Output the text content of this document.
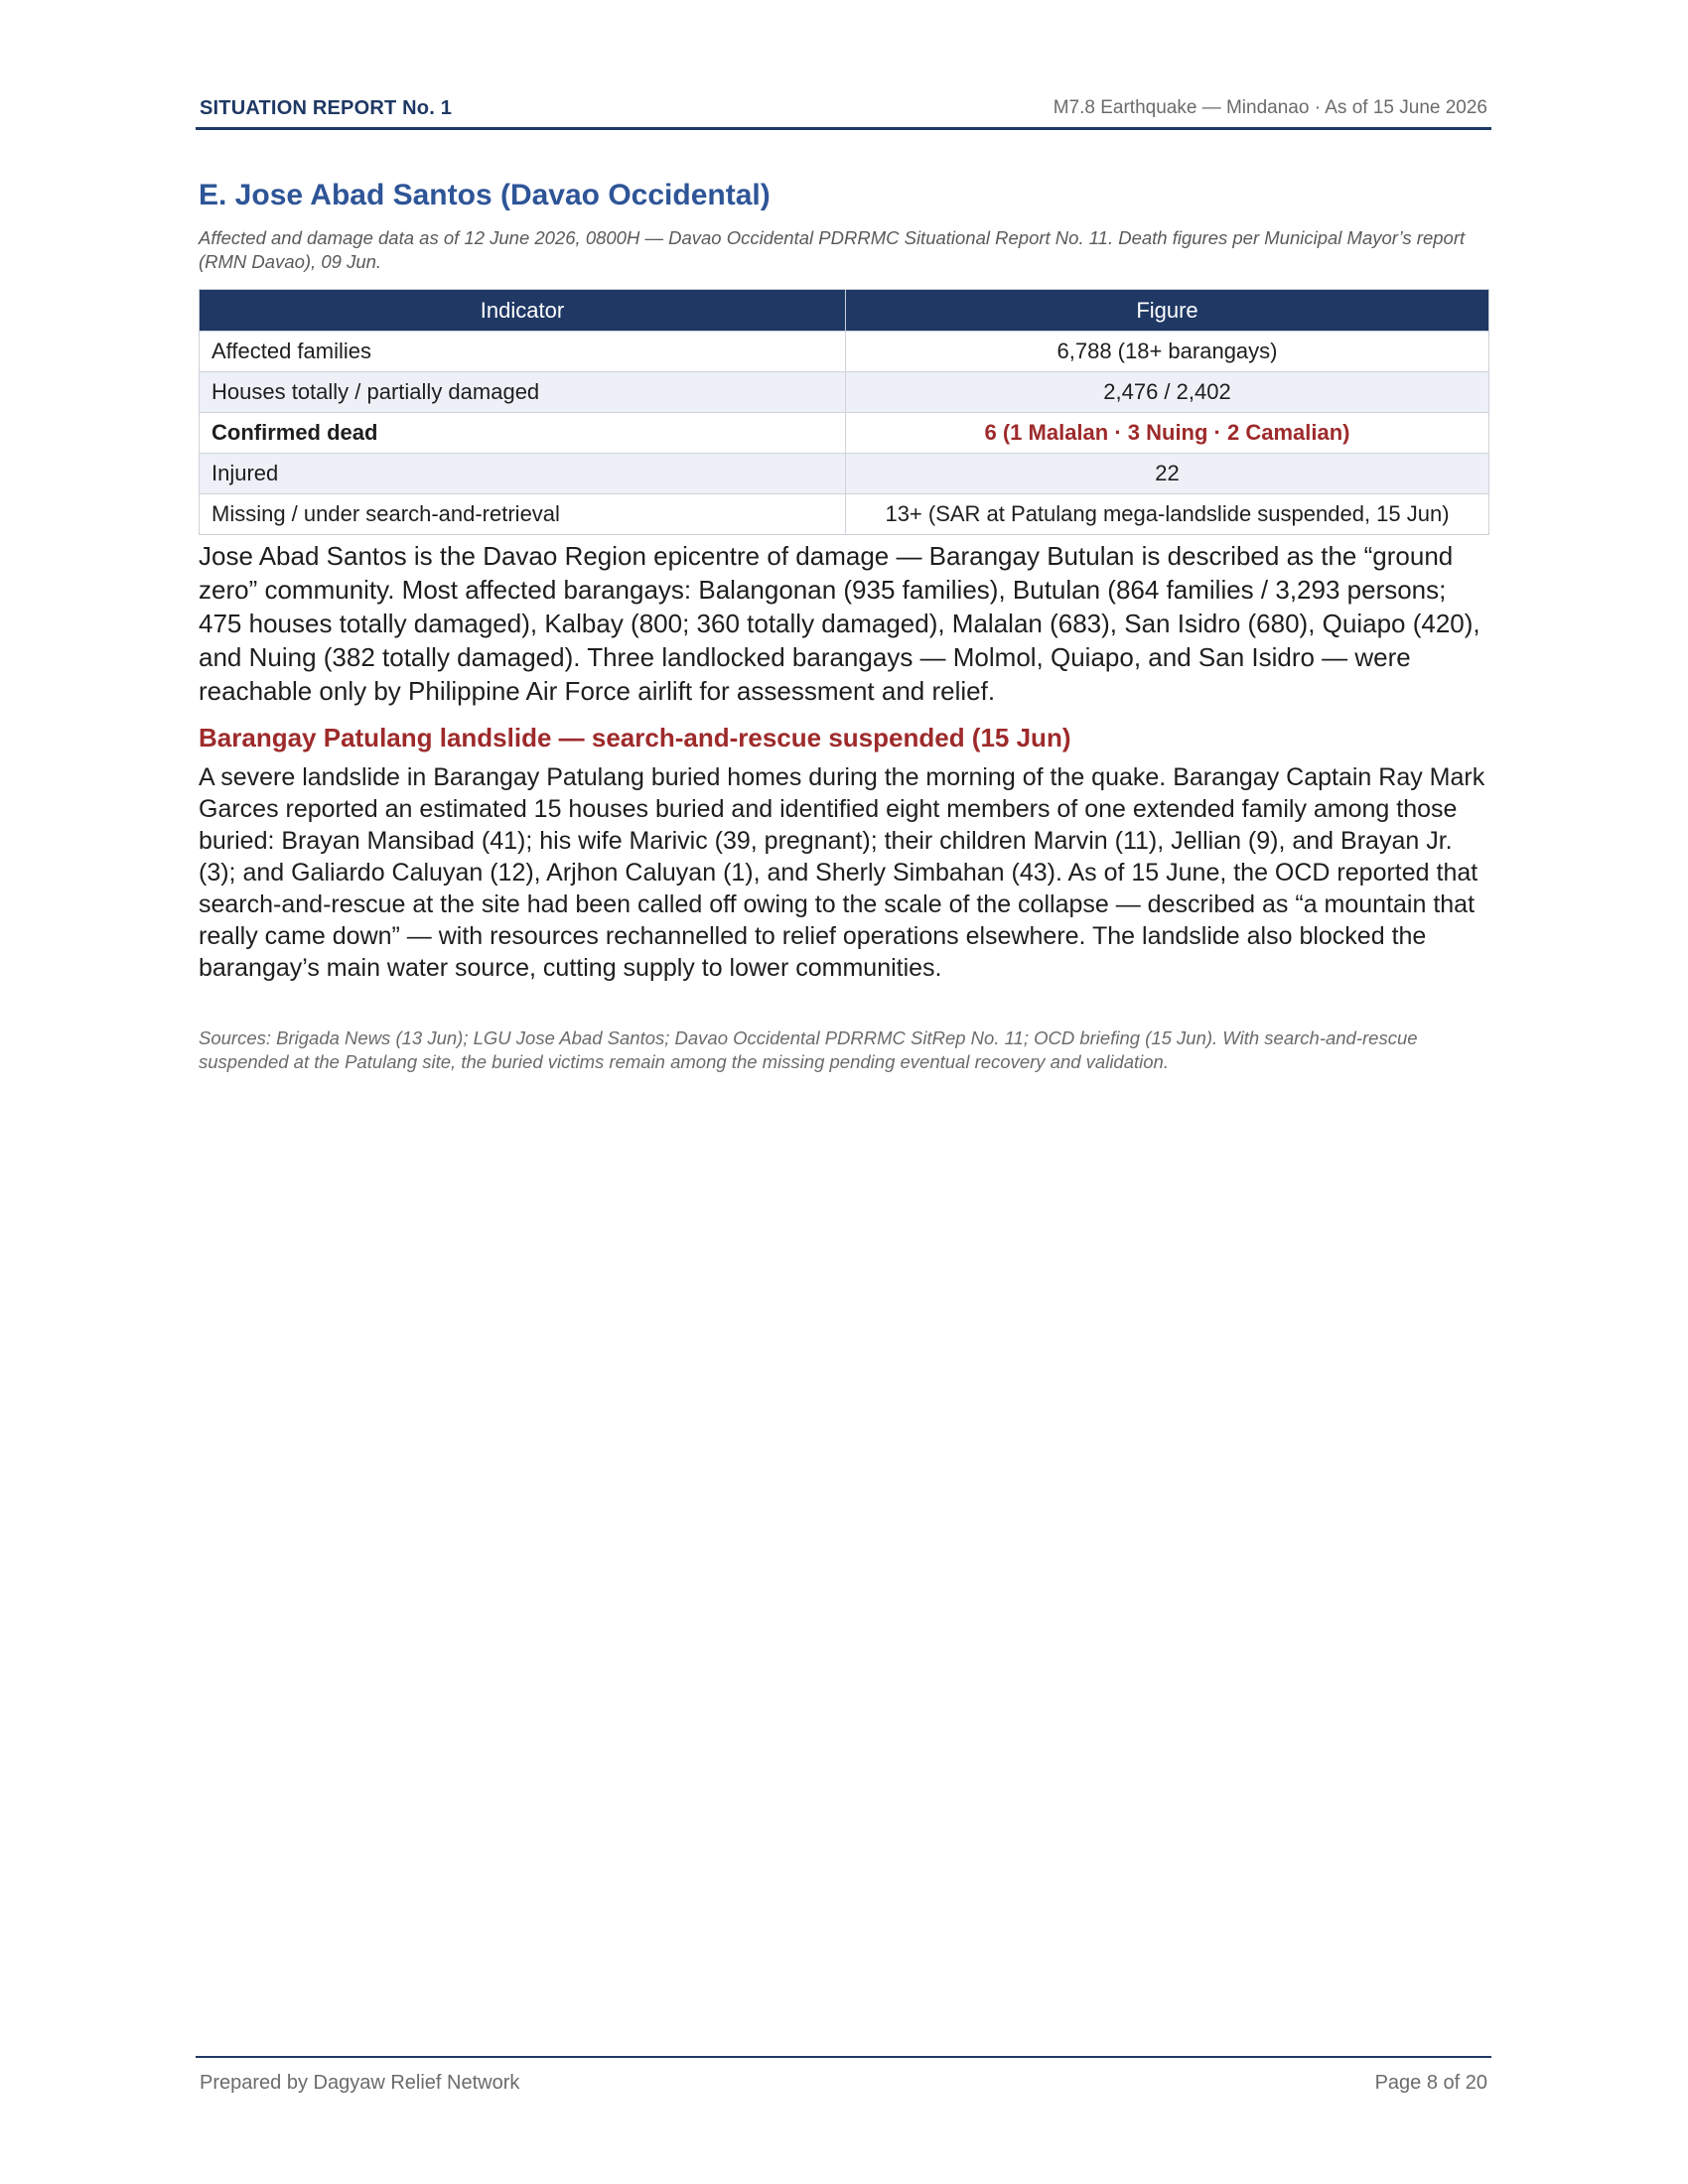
SITUATION REPORT No. 1	M7.8 Earthquake — Mindanao · As of 15 June 2026
E. Jose Abad Santos (Davao Occidental)
Affected and damage data as of 12 June 2026, 0800H — Davao Occidental PDRRMC Situational Report No. 11. Death figures per Municipal Mayor’s report (RMN Davao), 09 Jun.
Indicator	Figure
Affected families	6,788 (18+ barangays)
Houses totally / partially damaged	2,476 / 2,402
Confirmed dead	6 (1 Malalan · 3 Nuing · 2 Camalian)
Injured	22
Missing / under search-and-retrieval	13+ (SAR at Patulang mega-landslide suspended, 15 Jun)

Jose Abad Santos is the Davao Region epicentre of damage — Barangay Butulan is described as the “ground zero” community. Most affected barangays: Balangonan (935 families), Butulan (864 families / 3,293 persons; 475 houses totally damaged), Kalbay (800; 360 totally damaged), Malalan (683), San Isidro (680), Quiapo (420), and Nuing (382 totally damaged). Three landlocked barangays — Molmol, Quiapo, and San Isidro — were reachable only by Philippine Air Force airlift for assessment and relief.

Barangay Patulang landslide — search-and-rescue suspended (15 Jun)

A severe landslide in Barangay Patulang buried homes during the morning of the quake. Barangay Captain Ray Mark Garces reported an estimated 15 houses buried and identified eight members of one extended family among those buried: Brayan Mansibad (41); his wife Marivic (39, pregnant); their children Marvin (11), Jellian (9), and Brayan Jr. (3); and Galiardo Caluyan (12), Arjhon Caluyan (1), and Sherly Simbahan (43). As of 15 June, the OCD reported that search-and-rescue at the site had been called off owing to the scale of the collapse — described as “a mountain that really came down” — with resources rechannelled to relief operations elsewhere. The landslide also blocked the barangay’s main water source, cutting supply to lower communities.

Sources: Brigada News (13 Jun); LGU Jose Abad Santos; Davao Occidental PDRRMC SitRep No. 11; OCD briefing (15 Jun). With search-and-rescue suspended at the Patulang site, the buried victims remain among the missing pending eventual recovery and validation.
Prepared by Dagyaw Relief Network	Page 8 of 20
